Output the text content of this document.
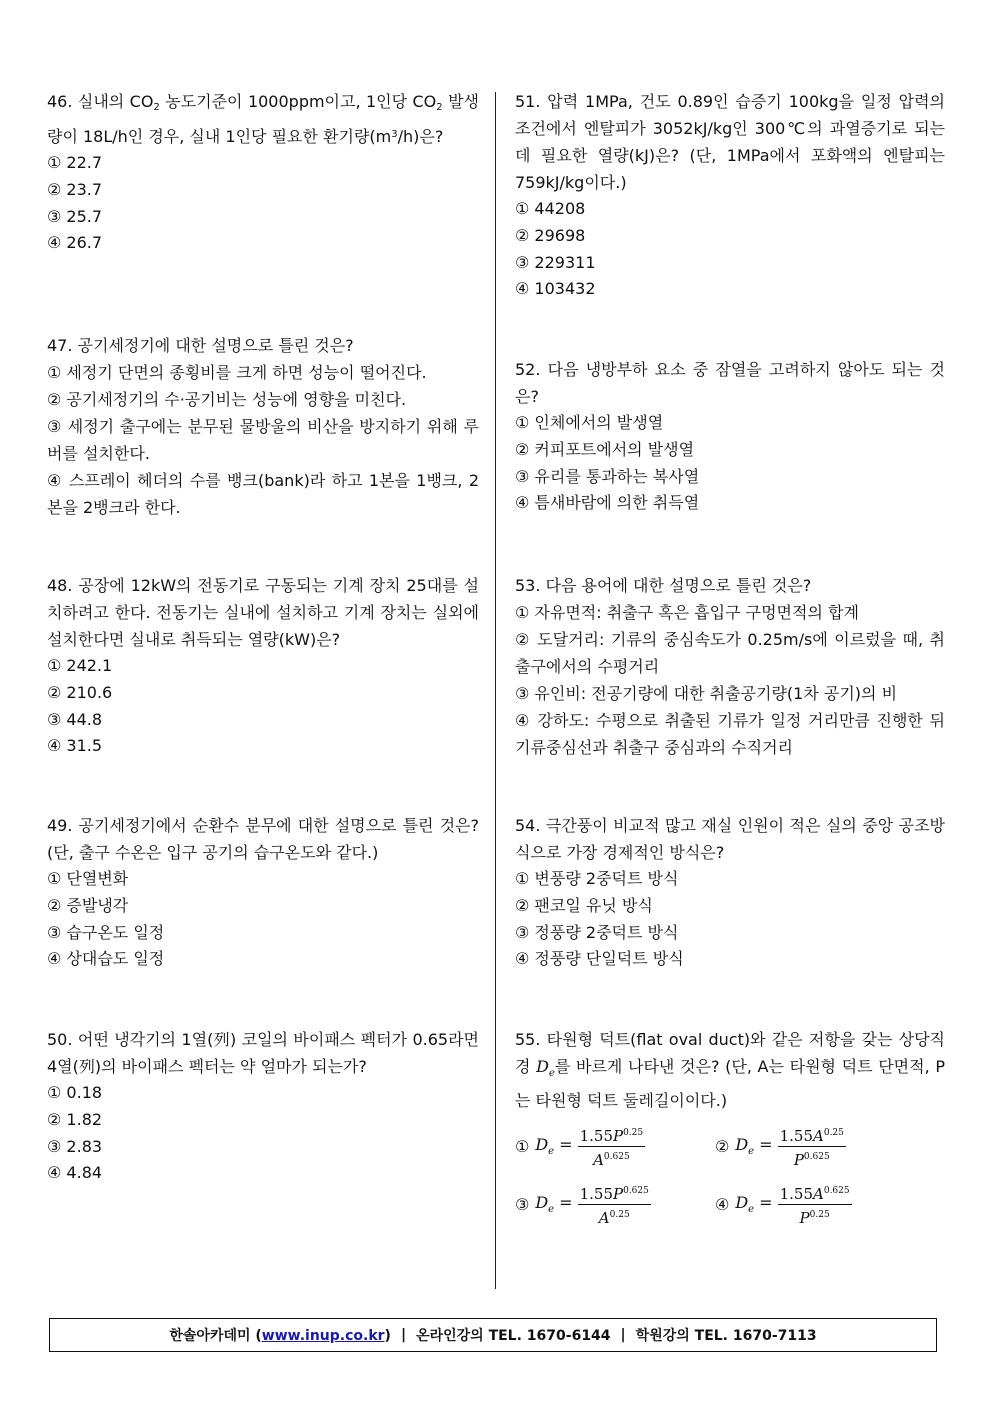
46. 실내의 $CO_2$ 농도기준이 1000ppm이고, 1인당 $CO_2$ 발생량이 18L/h인 경우, 실내 1인당 필요한 환기량$(m^3/h)$은?

① 22.7

② 23.7

③ 25.7

④ 26.7

47. 공기세정기에 대한 설명으로 틀린 것은?

① 세정기 단면의 종횡비를 크게 하면 성능이 떨어진다.

② 공기세정기의 수·공기비는 성능에 영향을 미친다.

③ 세정기 출구에는 분무된 물방울의 비산을 방지하기 위해 루버를 설치한다.

④ 스프레이 헤더의 수를 뱅크(bank)라 하고 1본을 1뱅크, 2본을 2뱅크라 한다.

48. 공장에 12kW의 전동기로 구동되는 기계 장치 25대를 설치하려고 한다. 전동기는 실내에 설치하고 기계 장치는 실외에 설치한다면 실내로 취득되는 열량(kW)은?

① 242.1

② 210.6

③ 44.8

④ 31.5

49. 공기세정기에서 순환수 분무에 대한 설명으로 틀린 것은? (단, 출구 수온은 입구 공기의 습구온도와 같다.)

① 단열변화

② 증발냉각

③ 습구온도 일정

④ 상대습도 일정

50. 어떤 냉각기의 1열(列) 코일의 바이패스 펙터가 0.65라면 4열(列)의 바이패스 펙터는 약 얼마가 되는가?

① 0.18

② 1.82

③ 2.83

④ 4.84

51. 압력 1MPa, 건도 0.89인 습증기 100kg을 일정 압력의 조건에서 엔탈피가 3052kJ/kg인 300℃의 과열증기로 되는데 필요한 열량(kJ)은? (단, 1MPa에서 포화액의 엔탈피는 759kJ/kg이다.)

① 44208

② 29698

③ 229311

④ 103432

52. 다음 냉방부하 요소 중 잠열을 고려하지 않아도 되는 것은?

① 인체에서의 발생열

② 커피포트에서의 발생열

③ 유리를 통과하는 복사열

④ 틈새바람에 의한 취득열

53. 다음 용어에 대한 설명으로 틀린 것은?

① 자유면적: 취출구 혹은 흡입구 구멍면적의 합계

② 도달거리: 기류의 중심속도가 0.25m/s에 이르렀을 때, 취출구에서의 수평거리

③ 유인비: 전공기량에 대한 취출공기량(1차 공기)의 비

④ 강하도: 수평으로 취출된 기류가 일정 거리만큼 진행한 뒤 기류중심선과 취출구 중심과의 수직거리

54. 극간풍이 비교적 많고 재실 인원이 적은 실의 중앙 공조방식으로 가장 경제적인 방식은?

① 변풍량 2중덕트 방식

② 팬코일 유닛 방식

③ 정풍량 2중덕트 방식

④ 정풍량 단일덕트 방식

55. 타원형 덕트(flat oval duct)와 같은 저항을 갖는 상당직경 $D_e$를 바르게 나타낸 것은? (단, A는 타원형 덕트 단면적, P는 타원형 덕트 둘레길이이다.)

① $D_e = \frac{1.55P^{0.25}}{A^{0.625}}$	② $D_e = \frac{1.55A^{0.25}}{P^{0.625}}$
③ $D_e = \frac{1.55P^{0.625}}{A^{0.25}}$	④ $D_e = \frac{1.55A^{0.625}}{P^{0.25}}$
한솔아카데미 (www.inup.co.kr) | 온라인강의 TEL. 1670-6144 | 학원강의 TEL. 1670-7113
